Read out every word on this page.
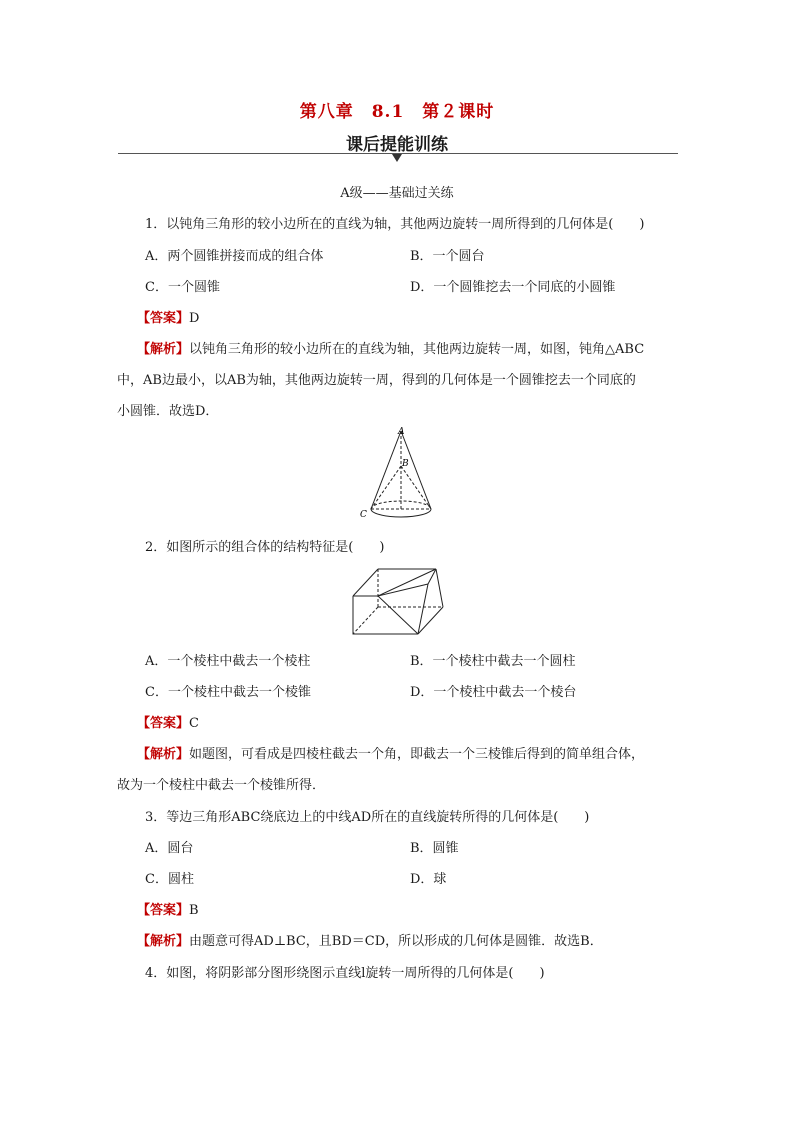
第八章　8.1　第２课时
课后提能训练
A级——基础过关练
1．以钝角三角形的较小边所在的直线为轴，其他两边旋转一周所得到的几何体是(　　)
A．两个圆锥拼接而成的组合体	B．一个圆台
C．一个圆锥	D．一个圆锥挖去一个同底的小圆锥
【答案】D
【解析】以钝角三角形的较小边所在的直线为轴，其他两边旋转一周，如图，钝角△ABC
中，AB边最小，以AB为轴，其他两边旋转一周，得到的几何体是一个圆锥挖去一个同底的
小圆锥．故选D．
A
B
C
2．如图所示的组合体的结构特征是(　　)
A．一个棱柱中截去一个棱柱	B．一个棱柱中截去一个圆柱
C．一个棱柱中截去一个棱锥	D．一个棱柱中截去一个棱台
【答案】C
【解析】如题图，可看成是四棱柱截去一个角，即截去一个三棱锥后得到的简单组合体，
故为一个棱柱中截去一个棱锥所得．
3．等边三角形ABC绕底边上的中线AD所在的直线旋转所得的几何体是(　　)
A．圆台	B．圆锥
C．圆柱	D．球
【答案】B
【解析】由题意可得AD⊥BC，且BD＝CD，所以形成的几何体是圆锥．故选B．
4．如图，将阴影部分图形绕图示直线l旋转一周所得的几何体是(　　)
